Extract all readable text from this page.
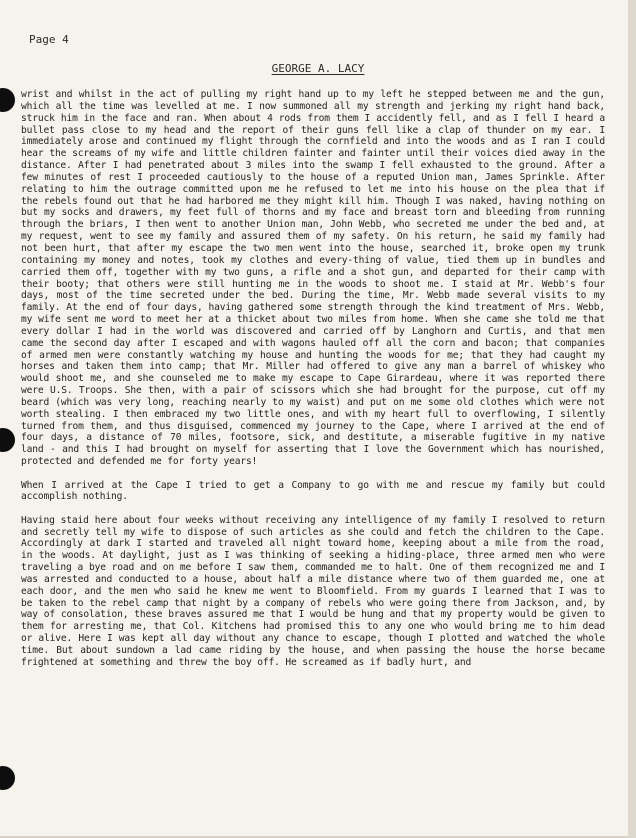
Page 4
GEORGE A. LACY

wrist and whilst in the act of pulling my right hand up to my left he stepped between me and the gun, which all the time was levelled at me. I now summoned all my strength and jerking my right hand back, struck him in the face and ran. When about 4 rods from them I accidently fell, and as I fell I heard a bullet pass close to my head and the report of their guns fell like a clap of thunder on my ear. I immediately arose and continued my flight through the cornfield and into the woods and as I ran I could hear the screams of my wife and little children fainter and fainter until their voices died away in the distance. After I had penetrated about 3 miles into the swamp I fell exhausted to the ground. After a few minutes of rest I proceeded cautiously to the house of a reputed Union man, James Sprinkle. After relating to him the outrage committed upon me he refused to let me into his house on the plea that if the rebels found out that he had harbored me they might kill him. Though I was naked, having nothing on but my socks and drawers, my feet full of thorns and my face and breast torn and bleeding from running through the briars, I then went to another Union man, John Webb, who secreted me under the bed and, at my request, went to see my family and assured them of my safety. On his return, he said my family had not been hurt, that after my escape the two men went into the house, searched it, broke open my trunk containing my money and notes, took my clothes and every-thing of value, tied them up in bundles and carried them off, together with my two guns, a rifle and a shot gun, and departed for their camp with their booty; that others were still hunting me in the woods to shoot me. I staid at Mr. Webb's four days, most of the time secreted under the bed. During the time, Mr. Webb made several visits to my family. At the end of four days, having gathered some strength through the kind treatment of Mrs. Webb, my wife sent me word to meet her at a thicket about two miles from home. When she came she told me that every dollar I had in the world was discovered and carried off by Langhorn and Curtis, and that men came the second day after I escaped and with wagons hauled off all the corn and bacon; that companies of armed men were constantly watching my house and hunting the woods for me; that they had caught my horses and taken them into camp; that Mr. Miller had offered to give any man a barrel of whiskey who would shoot me, and she counseled me to make my escape to Cape Girardeau, where it was reported there were U.S. Troops. She then, with a pair of scissors which she had brought for the purpose, cut off my beard (which was very long, reaching nearly to my waist) and put on me some old clothes which were not worth stealing. I then embraced my two little ones, and with my heart full to overflowing, I silently turned from them, and thus disguised, commenced my journey to the Cape, where I arrived at the end of four days, a distance of 70 miles, footsore, sick, and destitute, a miserable fugitive in my native land - and this I had brought on myself for asserting that I love the Government which has nourished, protected and defended me for forty years!

When I arrived at the Cape I tried to get a Company to go with me and rescue my family but could accomplish nothing.

Having staid here about four weeks without receiving any intelligence of my family I resolved to return and secretly tell my wife to dispose of such articles as she could and fetch the children to the Cape. Accordingly at dark I started and traveled all night toward home, keeping about a mile from the road, in the woods. At daylight, just as I was thinking of seeking a hiding-place, three armed men who were traveling a bye road and on me before I saw them, commanded me to halt. One of them recognized me and I was arrested and conducted to a house, about half a mile distance where two of them guarded me, one at each door, and the men who said he knew me went to Bloomfield. From my guards I learned that I was to be taken to the rebel camp that night by a company of rebels who were going there from Jackson, and, by way of consolation, these braves assured me that I would be hung and that my property would be given to them for arresting me, that Col. Kitchens had promised this to any one who would bring me to him dead or alive. Here I was kept all day without any chance to escape, though I plotted and watched the whole time. But about sundown a lad came riding by the house, and when passing the house the horse became frightened at something and threw the boy off. He screamed as if badly hurt, and
